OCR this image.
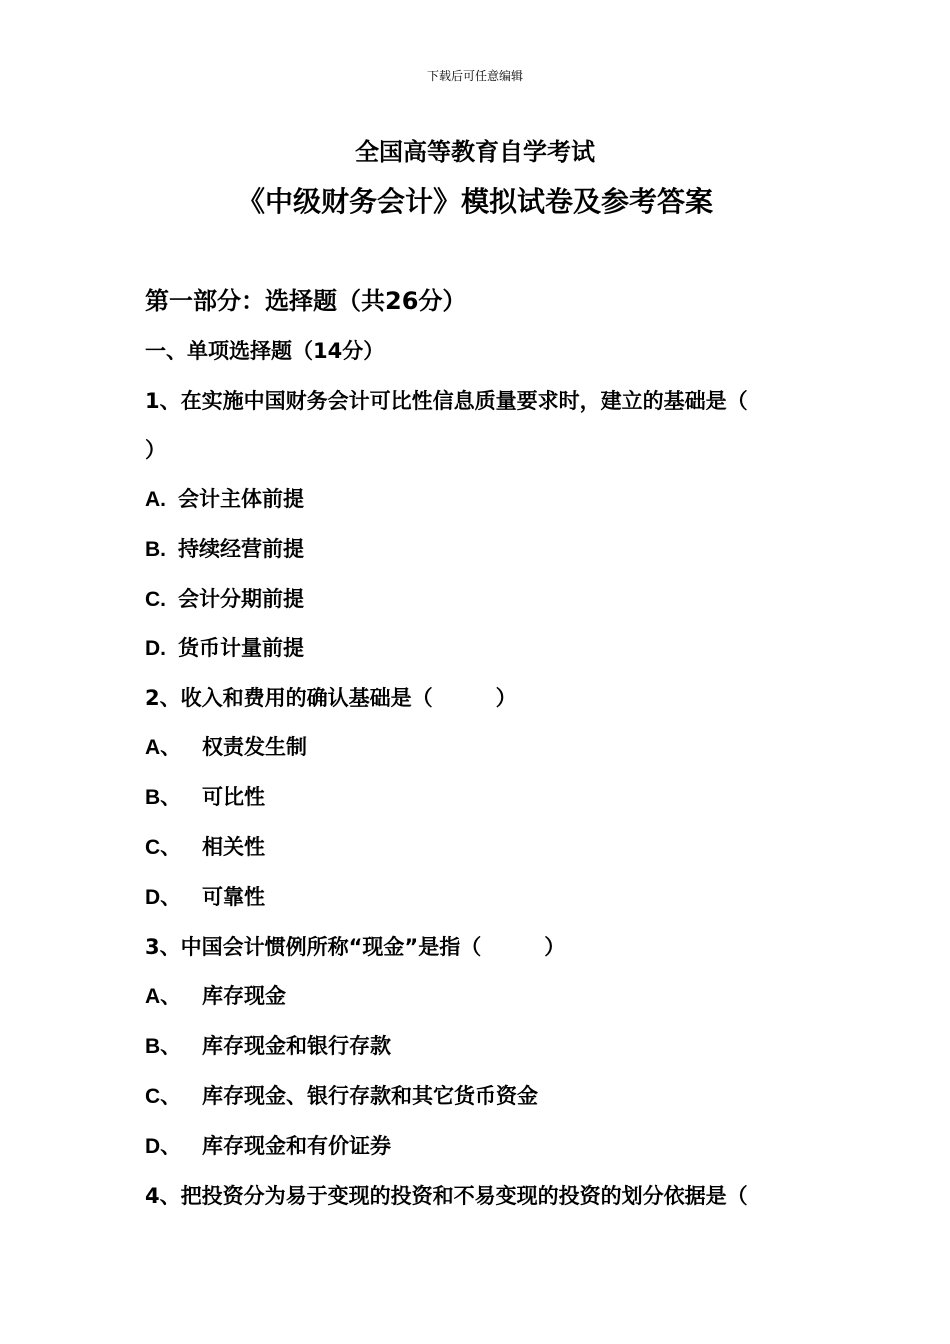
下载后可任意编辑
全国高等教育自学考试
《中级财务会计》模拟试卷及参考答案
第一部分：选择题（共26分）
一、单项选择题（14分）
1、在实施中国财务会计可比性信息质量要求时，建立的基础是（
）
A. 会计主体前提
B. 持续经营前提
C. 会计分期前提
D. 货币计量前提
2、收入和费用的确认基础是（　　　）
A、 权责发生制
B、 可比性
C、 相关性
D、 可靠性
3、中国会计惯例所称“现金”是指（　　　）
A、 库存现金
B、 库存现金和银行存款
C、 库存现金、银行存款和其它货币资金
D、 库存现金和有价证券
4、把投资分为易于变现的投资和不易变现的投资的划分依据是（
